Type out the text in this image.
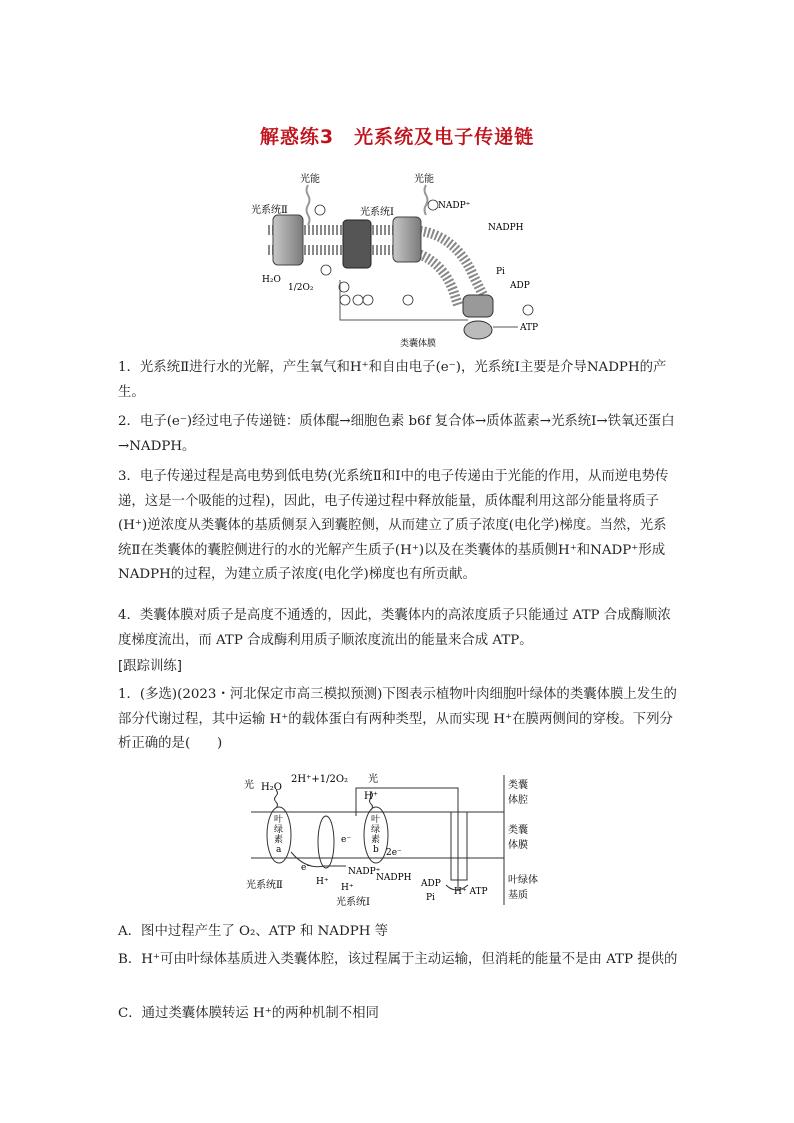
解惑练3　光系统及电子传递链
光能	光能
光系统Ⅱ	光系统Ⅰ
NADP⁺
NADPH
H₂O
1/2O₂
Pi
ADP
ATP
类囊体膜

1．光系统Ⅱ进行水的光解，产生氧气和H⁺和自由电子(e⁻)，光系统Ⅰ主要是介导NADPH的产生。

2．电子(e⁻)经过电子传递链：质体醌→细胞色素 b6f 复合体→质体蓝素→光系统Ⅰ→铁氧还蛋白→NADPH。

3．电子传递过程是高电势到低电势(光系统Ⅱ和Ⅰ中的电子传递由于光能的作用，从而逆电势传递，这是一个吸能的过程)，因此，电子传递过程中释放能量，质体醌利用这部分能量将质子(H⁺)逆浓度从类囊体的基质侧泵入到囊腔侧，从而建立了质子浓度(电化学)梯度。当然，光系统Ⅱ在类囊体的囊腔侧进行的水的光解产生质子(H⁺)以及在类囊体的基质侧H⁺和NADP⁺形成NADPH的过程，为建立质子浓度(电化学)梯度也有所贡献。

4．类囊体膜对质子是高度不通透的，因此，类囊体内的高浓度质子只能通过 ATP 合成酶顺浓度梯度流出，而 ATP 合成酶利用质子顺浓度流出的能量来合成 ATP。

[跟踪训练]

1．(多选)(2023・河北保定市高三模拟预测)下图表示植物叶肉细胞叶绿体的类囊体膜上发生的部分代谢过程，其中运输 H⁺的载体蛋白有两种类型，从而实现 H⁺在膜两侧间的穿梭。下列分析正确的是(　　)

光 H₂O
2H⁺+1/2O₂ 光
H⁺
类囊
体腔
类囊
体膜
叶绿体
基质
叶
绿
素
a
叶
绿
素
b
e⁻
e⁻
2e⁻
NADP⁺
NADPH
ADP
Pi
H⁺ ATP
光系统Ⅱ
光系统Ⅰ
H⁺
H⁺

A．图中过程产生了 O₂、ATP 和 NADPH 等

B．H⁺可由叶绿体基质进入类囊体腔，该过程属于主动运输，但消耗的能量不是由 ATP 提供的

C．通过类囊体膜转运 H⁺的两种机制不相同
